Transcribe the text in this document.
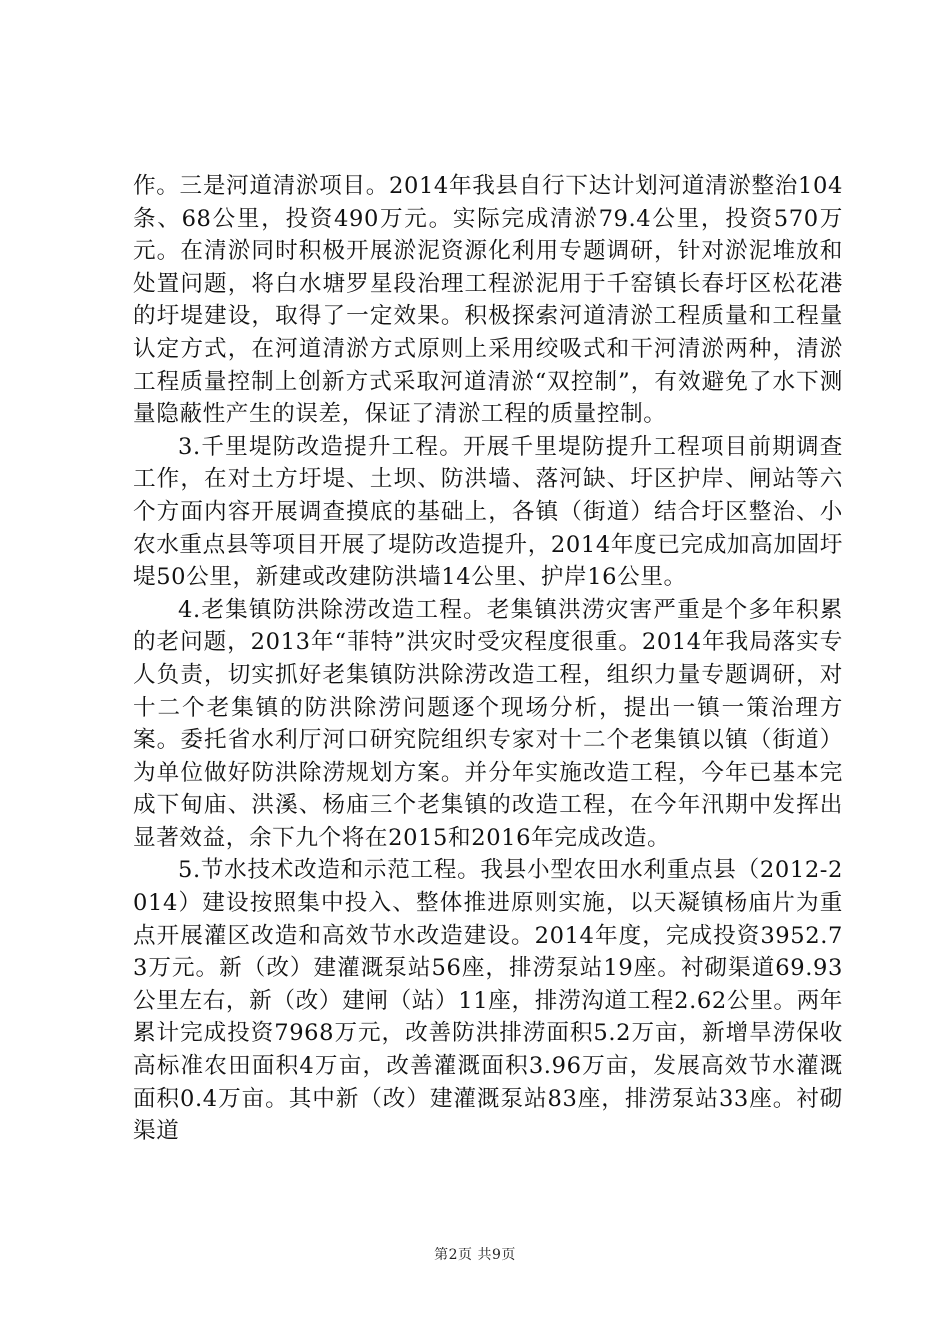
作。三是河道清淤项目。2014年我县自行下达计划河道清淤整治104条、68公里，投资490万元。实际完成清淤79.4公里，投资570万元。在清淤同时积极开展淤泥资源化利用专题调研，针对淤泥堆放和处置问题，将白水塘罗星段治理工程淤泥用于千窑镇长春圩区松花港的圩堤建设，取得了一定效果。积极探索河道清淤工程质量和工程量认定方式，在河道清淤方式原则上采用绞吸式和干河清淤两种，清淤工程质量控制上创新方式采取河道清淤“双控制”，有效避免了水下测量隐蔽性产生的误差，保证了清淤工程的质量控制。

3.千里堤防改造提升工程。开展千里堤防提升工程项目前期调查工作，在对土方圩堤、土坝、防洪墙、落河缺、圩区护岸、闸站等六个方面内容开展调查摸底的基础上，各镇（街道）结合圩区整治、小农水重点县等项目开展了堤防改造提升，2014年度已完成加高加固圩堤50公里，新建或改建防洪墙14公里、护岸16公里。

4.老集镇防洪除涝改造工程。老集镇洪涝灾害严重是个多年积累的老问题，2013年“菲特”洪灾时受灾程度很重。2014年我局落实专人负责，切实抓好老集镇防洪除涝改造工程，组织力量专题调研，对十二个老集镇的防洪除涝问题逐个现场分析，提出一镇一策治理方案。委托省水利厅河口研究院组织专家对十二个老集镇以镇（街道）为单位做好防洪除涝规划方案。并分年实施改造工程，今年已基本完成下甸庙、洪溪、杨庙三个老集镇的改造工程，在今年汛期中发挥出显著效益，余下九个将在2015和2016年完成改造。

5.节水技术改造和示范工程。我县小型农田水利重点县（2012-2014）建设按照集中投入、整体推进原则实施，以天凝镇杨庙片为重点开展灌区改造和高效节水改造建设。2014年度，完成投资3952.73万元。新（改）建灌溉泵站56座，排涝泵站19座。衬砌渠道69.93公里左右，新（改）建闸（站）11座，排涝沟道工程2.62公里。两年累计完成投资7968万元，改善防洪排涝面积5.2万亩，新增旱涝保收高标准农田面积4万亩，改善灌溉面积3.96万亩，发展高效节水灌溉面积0.4万亩。其中新（改）建灌溉泵站83座，排涝泵站33座。衬砌渠道

第2页 共9页
